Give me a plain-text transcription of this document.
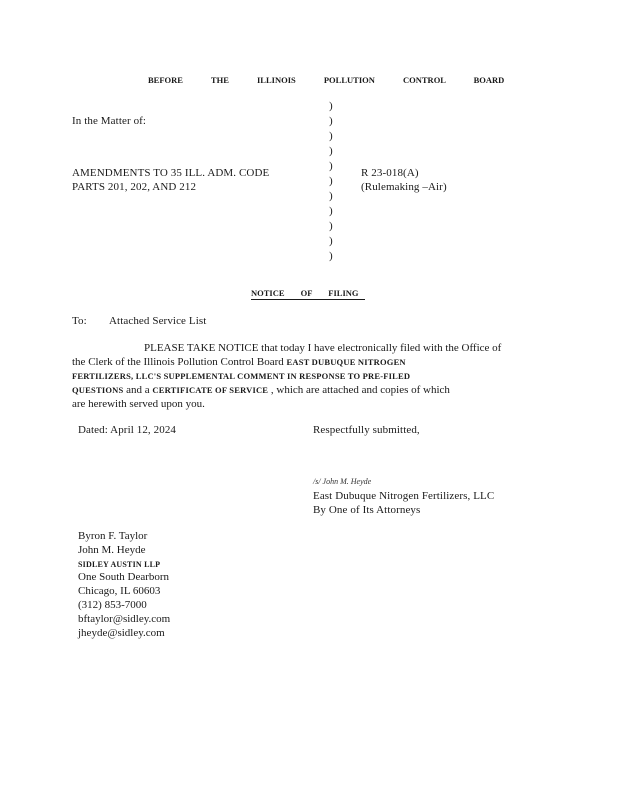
BEFORE THE ILLINOIS POLLUTION CONTROL BOARD
In the Matter of:
)
)
)
)
)
)
)
)
)
)
)
AMENDMENTS TO 35 ILL. ADM. CODE
PARTS 201, 202, AND 212
R 23-018(A)
(Rulemaking –Air)
NOTICE OF FILING
To: Attached Service List
PLEASE TAKE NOTICE that today I have electronically filed with the Office of
the Clerk of the Illinois Pollution Control Board EAST DUBUQUE NITROGEN
FERTILIZERS, LLC'S SUPPLEMENTAL COMMENT IN RESPONSE TO PRE-FILED
QUESTIONS and a CERTIFICATE OF SERVICE , which are attached and copies of which
are herewith served upon you.
Dated: April 12, 2024	Respectfully submitted,
/s/ John M. Heyde
East Dubuque Nitrogen Fertilizers, LLC
By One of Its Attorneys
Byron F. Taylor
John M. Heyde
SIDLEY AUSTIN LLP
One South Dearborn
Chicago, IL 60603
(312) 853-7000
bftaylor@sidley.com
jheyde@sidley.com
